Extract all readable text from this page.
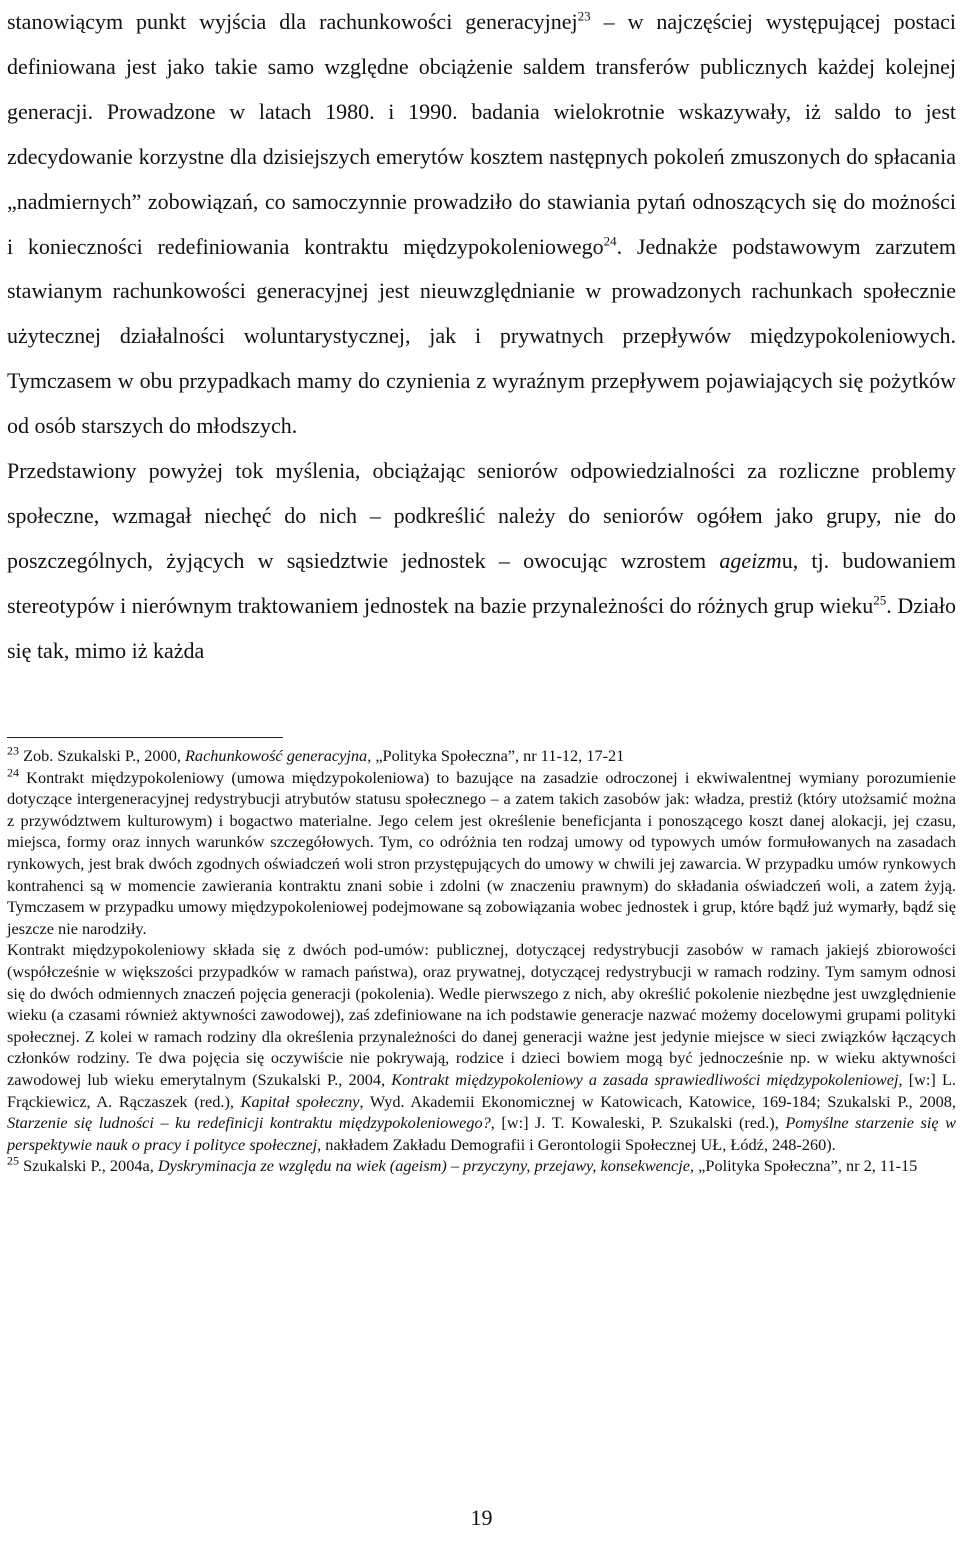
stanowiącym punkt wyjścia dla rachunkowości generacyjnej$^{23}$ – w najczęściej występującej postaci definiowana jest jako takie samo względne obciążenie saldem transferów publicznych każdej kolejnej generacji. Prowadzone w latach 1980. i 1990. badania wielokrotnie wskazywały, iż saldo to jest zdecydowanie korzystne dla dzisiejszych emerytów kosztem następnych pokoleń zmuszonych do spłacania „nadmiernych” zobowiązań, co samoczynnie prowadziło do stawiania pytań odnoszących się do możności i konieczności redefiniowania kontraktu międzypokoleniowego$^{24}$. Jednakże podstawowym zarzutem stawianym rachunkowości generacyjnej jest nieuwzględnianie w prowadzonych rachunkach społecznie użytecznej działalności woluntarystycznej, jak i prywatnych przepływów międzypokoleniowych. Tymczasem w obu przypadkach mamy do czynienia z wyraźnym przepływem pojawiających się pożytków od osób starszych do młodszych.

Przedstawiony powyżej tok myślenia, obciążając seniorów odpowiedzialności za rozliczne problemy społeczne, wzmagał niechęć do nich – podkreślić należy do seniorów ogółem jako grupy, nie do poszczególnych, żyjących w sąsiedztwie jednostek – owocując wzrostem ageizmu, tj. budowaniem stereotypów i nierównym traktowaniem jednostek na bazie przynależności do różnych grup wieku$^{25}$. Działo się tak, mimo iż każda

$^{23}$ Zob. Szukalski P., 2000, Rachunkowość generacyjna, „Polityka Społeczna”, nr 11-12, 17-21

$^{24}$ Kontrakt międzypokoleniowy (umowa międzypokoleniowa) to bazujące na zasadzie odroczonej i ekwiwalentnej wymiany porozumienie dotyczące intergeneracyjnej redystrybucji atrybutów statusu społecznego – a zatem takich zasobów jak: władza, prestiż (który utożsamić można z przywództwem kulturowym) i bogactwo materialne. Jego celem jest określenie beneficjanta i ponoszącego koszt danej alokacji, jej czasu, miejsca, formy oraz innych warunków szczegółowych. Tym, co odróżnia ten rodzaj umowy od typowych umów formułowanych na zasadach rynkowych, jest brak dwóch zgodnych oświadczeń woli stron przystępujących do umowy w chwili jej zawarcia. W przypadku umów rynkowych kontrahenci są w momencie zawierania kontraktu znani sobie i zdolni (w znaczeniu prawnym) do składania oświadczeń woli, a zatem żyją. Tymczasem w przypadku umowy międzypokoleniowej podejmowane są zobowiązania wobec jednostek i grup, które bądź już wymarły, bądź się jeszcze nie narodziły.

Kontrakt międzypokoleniowy składa się z dwóch pod-umów: publicznej, dotyczącej redystrybucji zasobów w ramach jakiejś zbiorowości (współcześnie w większości przypadków w ramach państwa), oraz prywatnej, dotyczącej redystrybucji w ramach rodziny. Tym samym odnosi się do dwóch odmiennych znaczeń pojęcia generacji (pokolenia). Wedle pierwszego z nich, aby określić pokolenie niezbędne jest uwzględnienie wieku (a czasami również aktywności zawodowej), zaś zdefiniowane na ich podstawie generacje nazwać możemy docelowymi grupami polityki społecznej. Z kolei w ramach rodziny dla określenia przynależności do danej generacji ważne jest jedynie miejsce w sieci związków łączących członków rodziny. Te dwa pojęcia się oczywiście nie pokrywają, rodzice i dzieci bowiem mogą być jednocześnie np. w wieku aktywności zawodowej lub wieku emerytalnym (Szukalski P., 2004, Kontrakt międzypokoleniowy a zasada sprawiedliwości międzypokoleniowej, [w:] L. Frąckiewicz, A. Rączaszek (red.), Kapitał społeczny, Wyd. Akademii Ekonomicznej w Katowicach, Katowice, 169-184; Szukalski P., 2008, Starzenie się ludności – ku redefinicji kontraktu międzypokoleniowego?, [w:] J. T. Kowaleski, P. Szukalski (red.), Pomyślne starzenie się w perspektywie nauk o pracy i polityce społecznej, nakładem Zakładu Demografii i Gerontologii Społecznej UŁ, Łódź, 248-260).

$^{25}$ Szukalski P., 2004a, Dyskryminacja ze względu na wiek (ageism) – przyczyny, przejawy, konsekwencje, „Polityka Społeczna”, nr 2, 11-15

19
